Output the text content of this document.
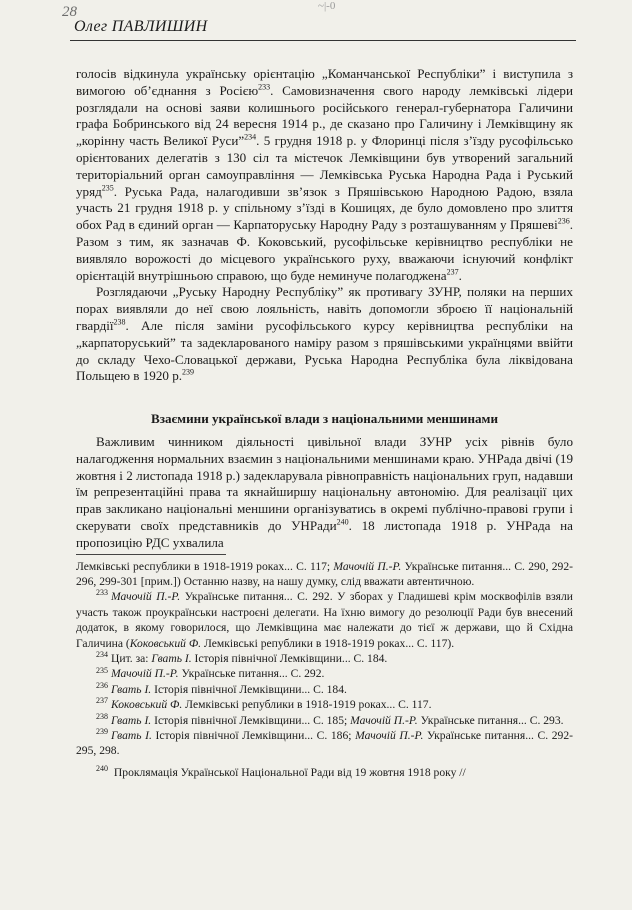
28	~|-0
Олег ПАВЛИШИН

голосів відкинула українську орієнтацію „Команчанської Республіки” і виступила з вимогою об’єднання з Росією$^{233}$. Самовизначення свого народу лемківські лідери розглядали на основі заяви колишнього російського генерал-губернатора Галичини графа Бобринського від 24 вересня 1914 р., де сказано про Галичину і Лемківщину як „корінну часть Великої Руси”$^{234}$. 5 грудня 1918 р. у Флоринці після з’їзду русофільсько орієнтованих делегатів з 130 сіл та містечок Лемківщини був утворений загальний територіальний орган самоуправління — Лемківська Руська Народна Рада і Руський уряд$^{235}$. Руська Рада, налагодивши зв’язок з Пряшівською Народною Радою, взяла участь 21 грудня 1918 р. у спільному з’їзді в Кошицях, де було домовлено про злиття обох Рад в єдиний орган — Карпаторуську Народну Раду з розташуванням у Пряшеві$^{236}$. Разом з тим, як зазначав Ф. Коковський, русофільське керівництво республіки не виявляло ворожості до місцевого українського руху, вважаючи існуючий конфлікт орієнтацій внутрішньою справою, що буде неминуче полагоджена$^{237}$.

Розглядаючи „Руську Народну Республіку” як противагу ЗУНР, поляки на перших порах виявляли до неї свою лояльність, навіть допомогли зброєю її національній гвардії$^{238}$. Але після заміни русофільського курсу керівництва республіки на „карпаторуський” та задекларованого наміру разом з пряшівськими українцями ввійти до складу Чехо-Словацької держави, Руська Народна Республіка була ліквідована Польщею в 1920 р.$^{239}$

Взаємини української влади з національними меншинами

Важливим чинником діяльності цивільної влади ЗУНР усіх рівнів було налагодження нормальних взаємин з національними меншинами краю. УНРада двічі (19 жовтня і 2 листопада 1918 р.) задекларувала рівноправність національних груп, надавши їм репрезентаційні права та якнайширшу національну автономію. Для реалізації цих прав закликано національні меншини організуватись в окремі публічно-правові групи і скерувати своїх представників до УНРади$^{240}$. 18 листопада 1918 р. УНРада на пропозицію РДС ухвалила

Лемківські республики в 1918-1919 роках... С. 117; Мачочій П.-Р. Українське питання... С. 290, 292-296, 299-301 [прим.]) Останню назву, на нашу думку, слід вважати автентичною.

$^{233}$ Мачочій П.-Р. Українське питання... С. 292. У зборах у Гладишеві крім москвофілів взяли участь також проукраїнськи настроєні делегати. На їхню вимогу до резолюції Ради був внесений додаток, в якому говорилося, що Лемківщина має належати до тієї ж держави, що й Східна Галичина (Коковський Ф. Лемківські републики в 1918-1919 роках... С. 117).

$^{234}$ Цит. за: Гвать І. Історія північної Лемківщини... С. 184.

$^{235}$ Мачочій П.-Р. Українське питання... С. 292.

$^{236}$ Гвать І. Історія північної Лемківщини... С. 184.

$^{237}$ Коковський Ф. Лемківські републики в 1918-1919 роках... С. 117.

$^{238}$ Гвать І. Історія північної Лемківщини... С. 185; Мачочій П.-Р. Українське питання... С. 293.

$^{239}$ Гвать І. Історія північної Лемківщини... С. 186; Мачочій П.-Р. Українське питання... С. 292-295, 298.

$^{240}$ Проклямація Української Національної Ради від 19 жовтня 1918 року //
